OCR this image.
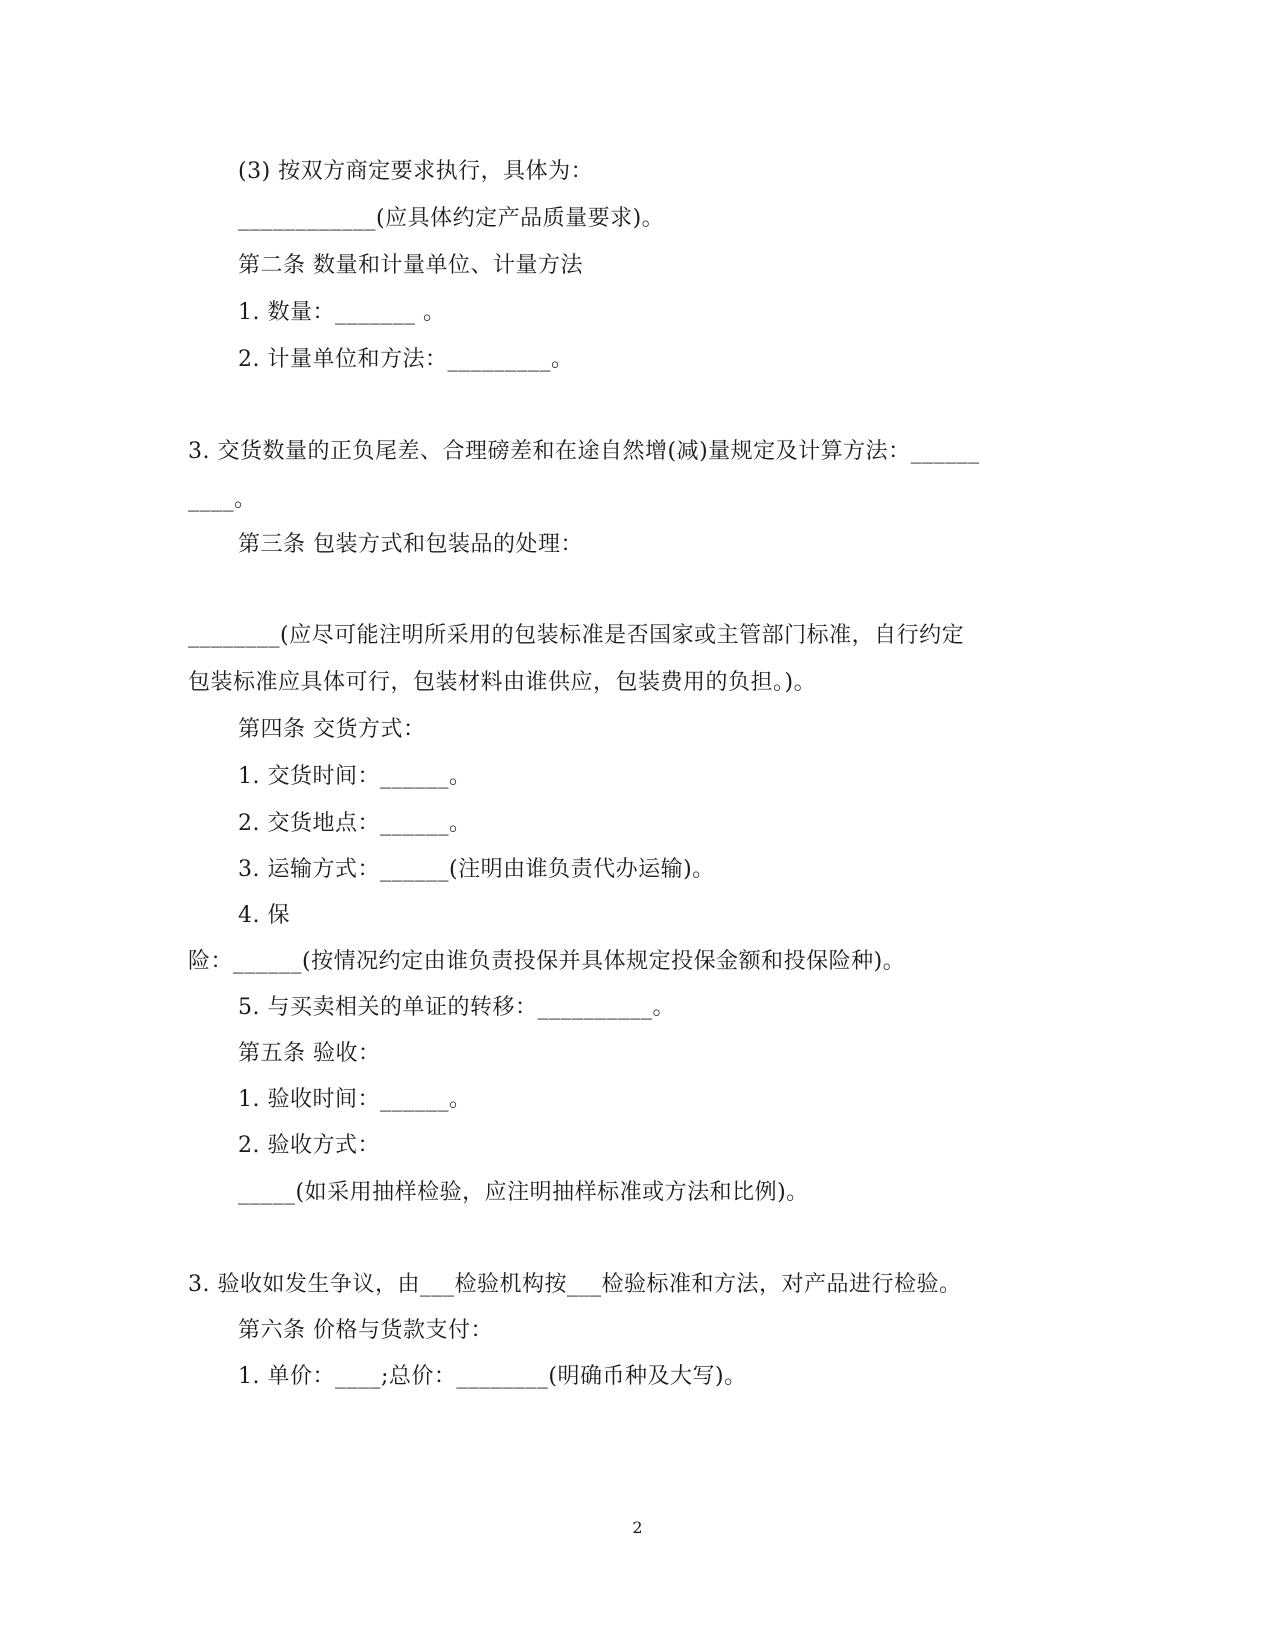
(3) 按双方商定要求执行，具体为：
____________(应具体约定产品质量要求)。
第二条 数量和计量单位、计量方法
1. 数量：_______ 。
2. 计量单位和方法：_________。
3. 交货数量的正负尾差、合理磅差和在途自然增(减)量规定及计算方法：______
____。
第三条 包装方式和包装品的处理：
________(应尽可能注明所采用的包装标准是否国家或主管部门标准，自行约定
包装标准应具体可行，包装材料由谁供应，包装费用的负担。)。
第四条 交货方式：
1. 交货时间：______。
2. 交货地点：______。
3. 运输方式：______(注明由谁负责代办运输)。
4. 保
险：______(按情况约定由谁负责投保并具体规定投保金额和投保险种)。
5. 与买卖相关的单证的转移：__________。
第五条 验收：
1. 验收时间：______。
2. 验收方式：
_____(如采用抽样检验，应注明抽样标准或方法和比例)。
3. 验收如发生争议，由___检验机构按___检验标准和方法，对产品进行检验。
第六条 价格与货款支付：
1. 单价：____;总价：________(明确币种及大写)。
2
